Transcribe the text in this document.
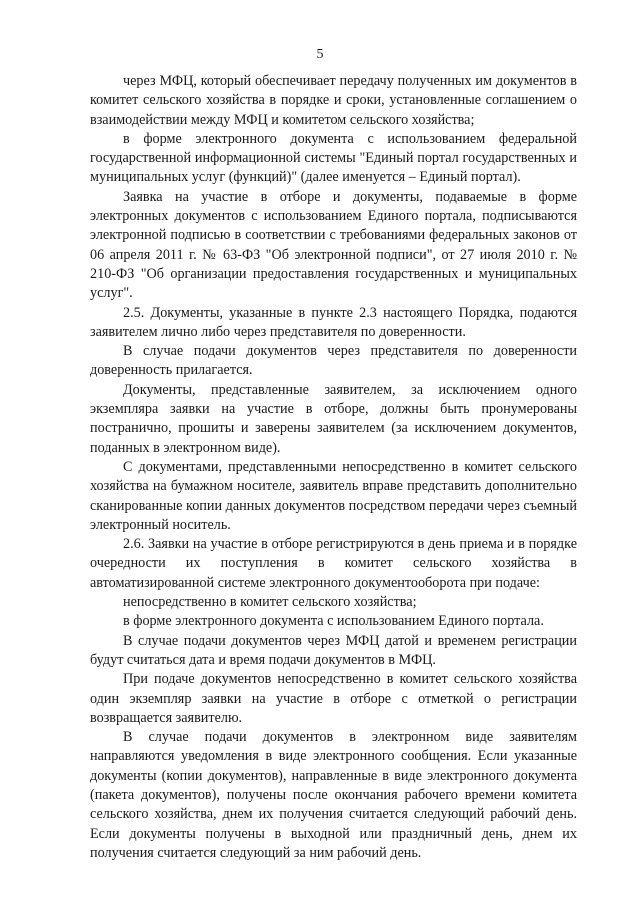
5

через МФЦ, который обеспечивает передачу полученных им документов в комитет сельского хозяйства в порядке и сроки, установленные соглашением о взаимодействии между МФЦ и комитетом сельского хозяйства;

в форме электронного документа с использованием федеральной государственной информационной системы "Единый портал государственных и муниципальных услуг (функций)" (далее именуется – Единый портал).

Заявка на участие в отборе и документы, подаваемые в форме электронных документов с использованием Единого портала, подписываются электронной подписью в соответствии с требованиями федеральных законов от 06 апреля 2011 г. № 63-ФЗ "Об электронной подписи", от 27 июля 2010 г. № 210-ФЗ "Об организации предоставления государственных и муниципальных услуг".

2.5. Документы, указанные в пункте 2.3 настоящего Порядка, подаются заявителем лично либо через представителя по доверенности.

В случае подачи документов через представителя по доверенности доверенность прилагается.

Документы, представленные заявителем, за исключением одного экземпляра заявки на участие в отборе, должны быть пронумерованы постранично, прошиты и заверены заявителем (за исключением документов, поданных в электронном виде).

С документами, представленными непосредственно в комитет сельского хозяйства на бумажном носителе, заявитель вправе представить дополнительно сканированные копии данных документов посредством передачи через съемный электронный носитель.

2.6. Заявки на участие в отборе регистрируются в день приема и в порядке очередности их поступления в комитет сельского хозяйства в автоматизированной системе электронного документооборота при подаче:

непосредственно в комитет сельского хозяйства;

в форме электронного документа с использованием Единого портала.

В случае подачи документов через МФЦ датой и временем регистрации будут считаться дата и время подачи документов в МФЦ.

При подаче документов непосредственно в комитет сельского хозяйства один экземпляр заявки на участие в отборе с отметкой о регистрации возвращается заявителю.

В случае подачи документов в электронном виде заявителям направляются уведомления в виде электронного сообщения. Если указанные документы (копии документов), направленные в виде электронного документа (пакета документов), получены после окончания рабочего времени комитета сельского хозяйства, днем их получения считается следующий рабочий день. Если документы получены в выходной или праздничный день, днем их получения считается следующий за ним рабочий день.
